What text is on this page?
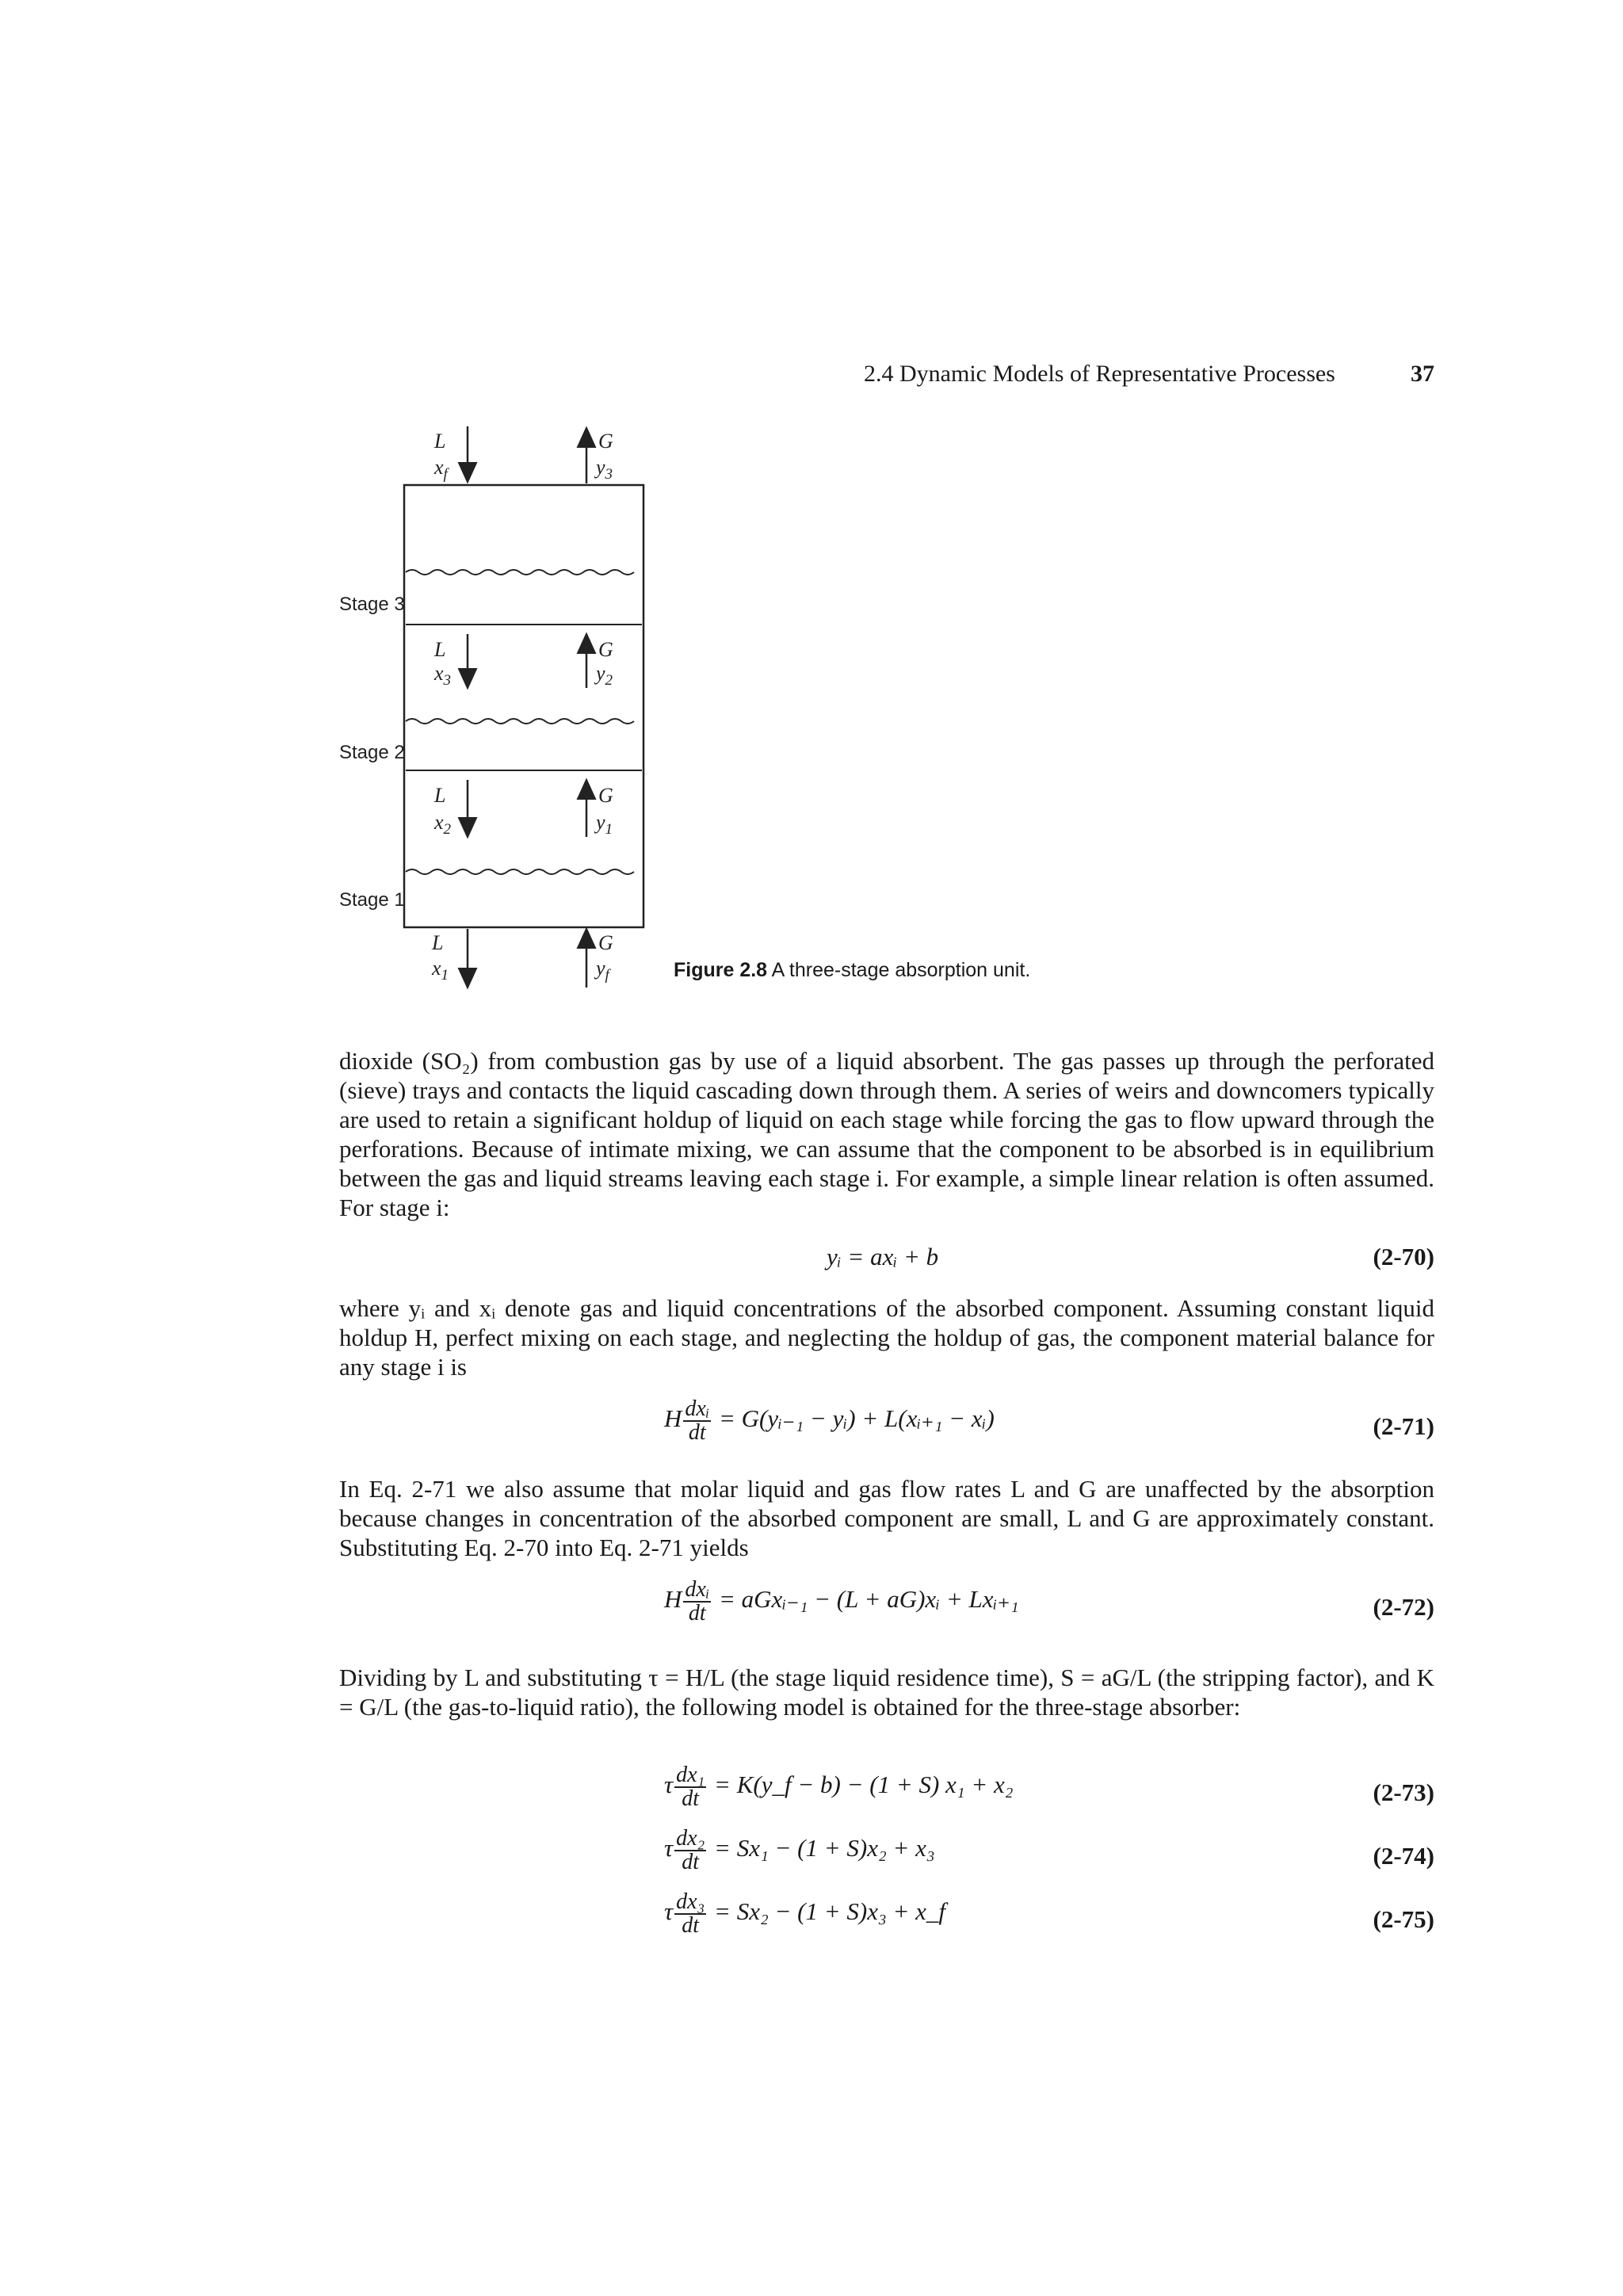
2.4 Dynamic Models of Representative Processes	37
Stage 3
Stage 2
Stage 1
L
$x_f$
G
$y_3$
L
$x_3$
G
$y_2$
L
$x_2$
G
$y_1$
L
$x_1$
G
$y_f$	Figure 2.8 A three-stage absorption unit.

dioxide (SO₂) from combustion gas by use of a liquid absorbent. The gas passes up through the perforated (sieve) trays and contacts the liquid cascading down through them. A series of weirs and downcomers typically are used to retain a significant holdup of liquid on each stage while forcing the gas to flow upward through the perforations. Because of intimate mixing, we can assume that the component to be absorbed is in equilibrium between the gas and liquid streams leaving each stage i. For example, a simple linear relation is often assumed. For stage i:

yᵢ = axᵢ + b	(2-70)

where yᵢ and xᵢ denote gas and liquid concentrations of the absorbed component. Assuming constant liquid holdup H, perfect mixing on each stage, and neglecting the holdup of gas, the component material balance for any stage i is

H $\frac{\text{dxᵢ}}{dt}$ = G(yᵢ₋₁ − yᵢ) + L(xᵢ₊₁ − xᵢ)	(2-71)

In Eq. 2-71 we also assume that molar liquid and gas flow rates L and G are unaffected by the absorption because changes in concentration of the absorbed component are small, L and G are approximately constant. Substituting Eq. 2-70 into Eq. 2-71 yields

H $\frac{\text{dxᵢ}}{dt}$ = aGxᵢ₋₁ − (L + aG)xᵢ + Lxᵢ₊₁	(2-72)

Dividing by L and substituting τ = H/L (the stage liquid residence time), S = aG/L (the stripping factor), and K = G/L (the gas-to-liquid ratio), the following model is obtained for the three-stage absorber:

τ $\frac{\text{dx₁}}{dt}$ = K(y_f − b) − (1 + S) x₁ + x₂	(2-73)
τ $\frac{\text{dx₂}}{dt} = Sx_1 - (1 + S)x_2 + x_3$	(2-74)
τ $\frac{\text{dx₃}}{dt} = Sx_2 - (1 + S)x_3$ + x_f	(2-75)
